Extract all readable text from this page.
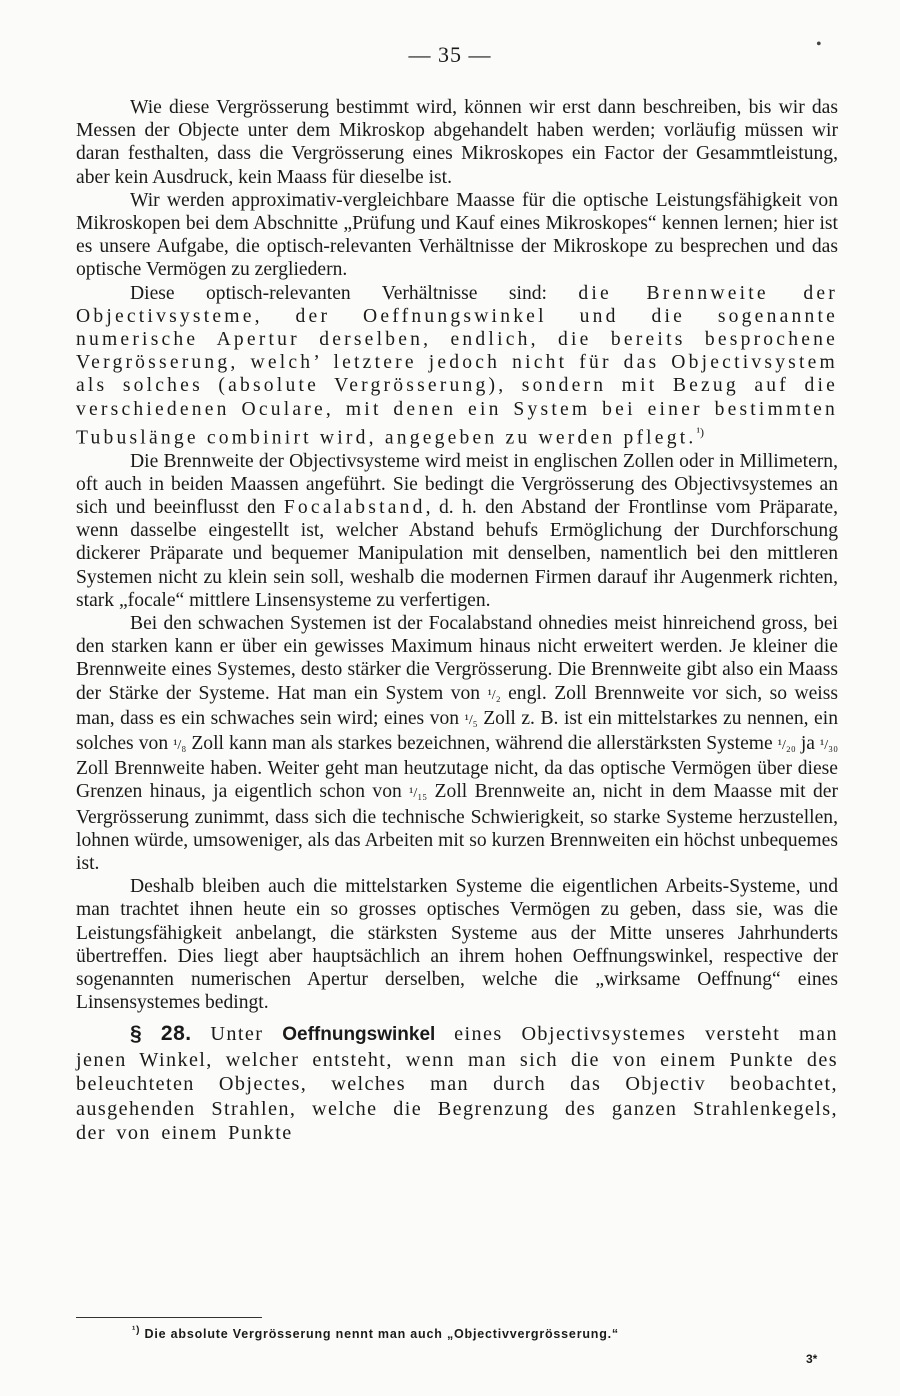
— 35 —	•

Wie diese Vergrösserung bestimmt wird, können wir erst dann beschreiben, bis wir das Messen der Objecte unter dem Mikroskop abgehandelt haben werden; vorläufig müssen wir daran festhalten, dass die Vergrösserung eines Mikroskopes ein Factor der Gesammtleistung, aber kein Ausdruck, kein Maass für dieselbe ist.

Wir werden approximativ-vergleichbare Maasse für die optische Leistungsfähigkeit von Mikroskopen bei dem Abschnitte „Prüfung und Kauf eines Mikroskopes“ kennen lernen; hier ist es unsere Aufgabe, die optisch-relevanten Verhältnisse der Mikroskope zu besprechen und das optische Vermögen zu zergliedern.

Diese optisch-relevanten Verhältnisse sind: die Brennweite der Objectivsysteme, der Oeffnungswinkel und die sogenannte numerische Apertur derselben, endlich, die bereits besprochene Vergrösserung, welch’ letztere jedoch nicht für das Objectivsystem als solches (absolute Vergrösserung), sondern mit Bezug auf die verschiedenen Oculare, mit denen ein System bei einer bestimmten Tubuslänge combinirt wird, angegeben zu werden pflegt.$^{^1)}$

Die Brennweite der Objectivsysteme wird meist in englischen Zollen oder in Millimetern, oft auch in beiden Maassen angeführt. Sie bedingt die Vergrösserung des Objectivsystemes an sich und beeinflusst den Focalabstand, d. h. den Abstand der Frontlinse vom Präparate, wenn dasselbe eingestellt ist, welcher Abstand behufs Ermöglichung der Durchforschung dickerer Präparate und bequemer Manipulation mit denselben, namentlich bei den mittleren Systemen nicht zu klein sein soll, weshalb die modernen Firmen darauf ihr Augenmerk richten, stark „focale“ mittlere Linsensysteme zu verfertigen.

Bei den schwachen Systemen ist der Focalabstand ohnedies meist hinreichend gross, bei den starken kann er über ein gewisses Maximum hinaus nicht erweitert werden. Je kleiner die Brennweite eines Systemes, desto stärker die Vergrösserung. Die Brennweite gibt also ein Maass der Stärke der Systeme. Hat man ein System von ¹/₂ engl. Zoll Brennweite vor sich, so weiss man, dass es ein schwaches sein wird; eines von ¹/₅ Zoll z. B. ist ein mittelstarkes zu nennen, ein solches von ¹/₈ Zoll kann man als starkes bezeichnen, während die allerstärksten Systeme ¹/₂₀ ja ¹/₃₀ Zoll Brennweite haben. Weiter geht man heutzutage nicht, da das optische Vermögen über diese Grenzen hinaus, ja eigentlich schon von ¹/₁₅ Zoll Brennweite an, nicht in dem Maasse mit der Vergrösserung zunimmt, dass sich die technische Schwierigkeit, so starke Systeme herzustellen, lohnen würde, umsoweniger, als das Arbeiten mit so kurzen Brennweiten ein höchst unbequemes ist.

Deshalb bleiben auch die mittelstarken Systeme die eigentlichen Arbeits-Systeme, und man trachtet ihnen heute ein so grosses optisches Vermögen zu geben, dass sie, was die Leistungsfähigkeit anbelangt, die stärksten Systeme aus der Mitte unseres Jahrhunderts übertreffen. Dies liegt aber hauptsächlich an ihrem hohen Oeffnungswinkel, respective der sogenannten numerischen Apertur derselben, welche die „wirksame Oeffnung“ eines Linsensystemes bedingt.

§ 28. Unter Oeffnungswinkel eines Objectivsystemes versteht man jenen Winkel, welcher entsteht, wenn man sich die von einem Punkte des beleuchteten Objectes, welches man durch das Objectiv beobachtet, ausgehenden Strahlen, welche die Begrenzung des ganzen Strahlenkegels, der von einem Punkte

$^{^1)}$ Die absolute Vergrösserung nennt man auch „Objectivvergrösserung.“
3*
